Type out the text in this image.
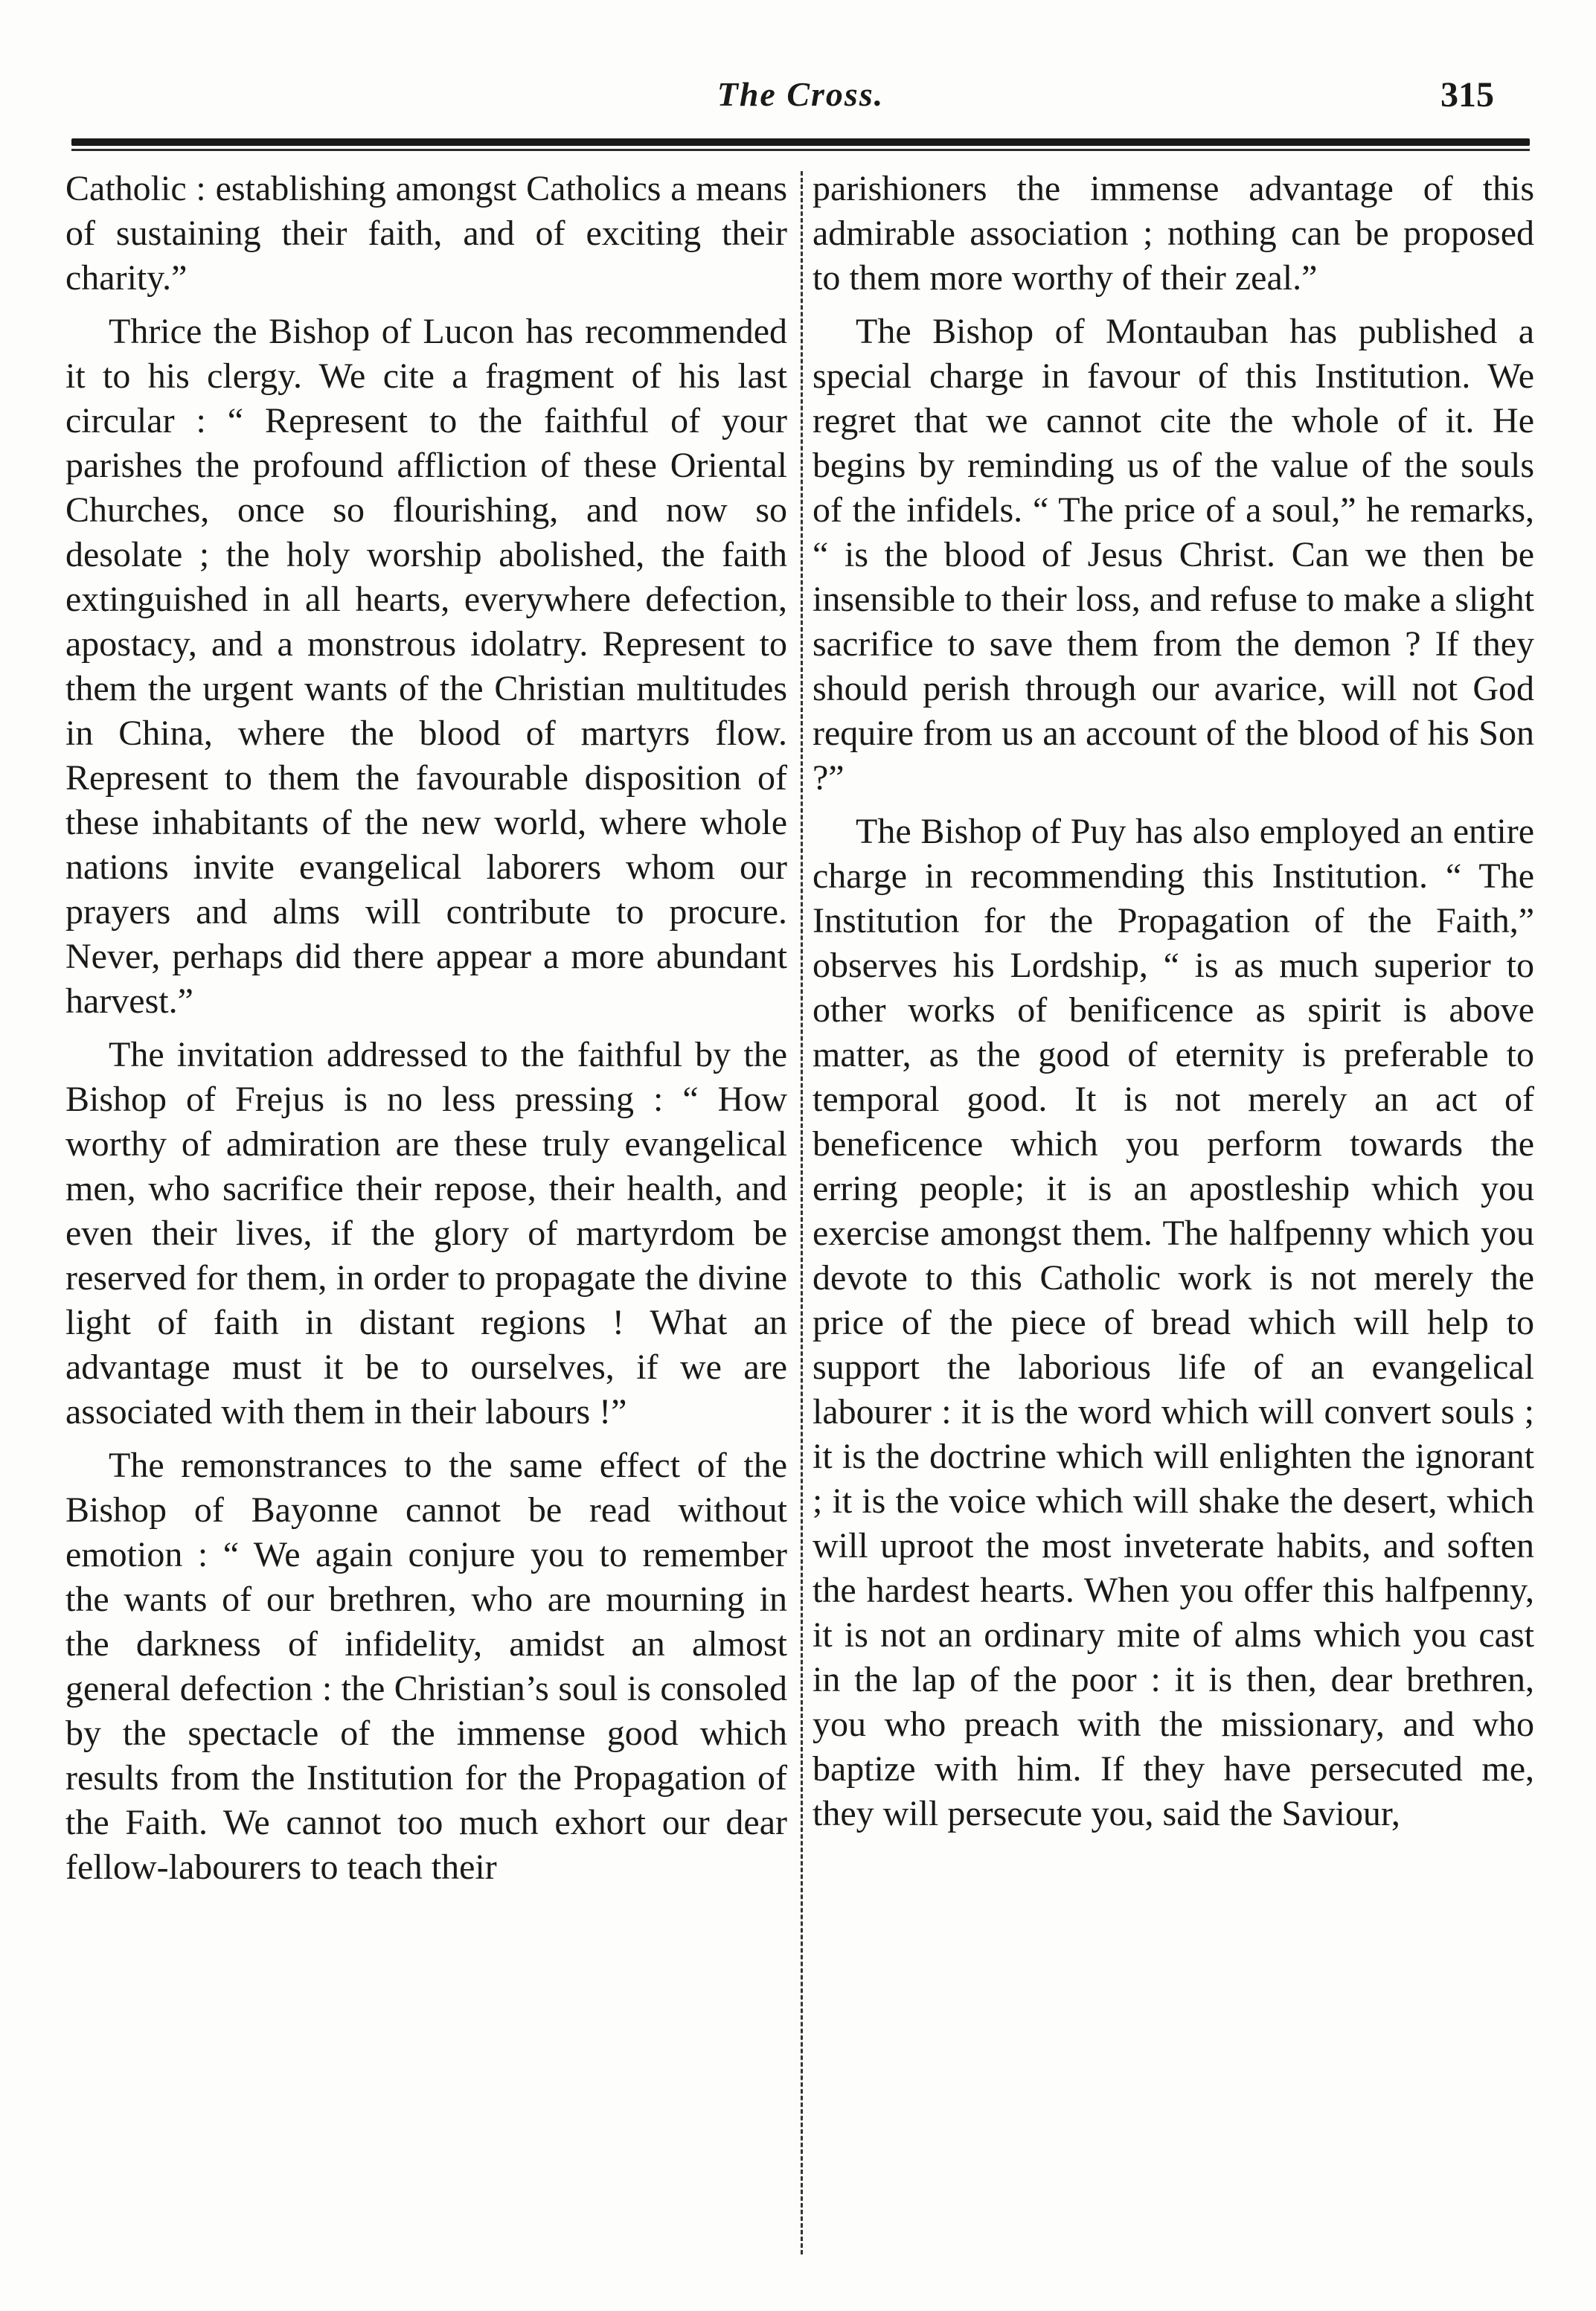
The Cross.	315

Catholic : establishing amongst Catholics a means of sustaining their faith, and of exciting their charity.”

Thrice the Bishop of Lucon has recommended it to his clergy. We cite a fragment of his last circular : “ Represent to the faithful of your parishes the profound affliction of these Oriental Churches, once so flourishing, and now so desolate ; the holy worship abolished, the faith extinguished in all hearts, everywhere defection, apostacy, and a monstrous idolatry. Represent to them the urgent wants of the Christian multitudes in China, where the blood of martyrs flow. Represent to them the favourable disposition of these inhabitants of the new world, where whole nations invite evangelical laborers whom our prayers and alms will contribute to procure. Never, perhaps did there appear a more abundant harvest.”

The invitation addressed to the faithful by the Bishop of Frejus is no less pressing : “ How worthy of admiration are these truly evangelical men, who sacrifice their repose, their health, and even their lives, if the glory of martyrdom be reserved for them, in order to propagate the divine light of faith in distant regions ! What an advantage must it be to ourselves, if we are associated with them in their labours !”

The remonstrances to the same effect of the Bishop of Bayonne cannot be read without emotion : “ We again conjure you to remember the wants of our brethren, who are mourning in the darkness of infidelity, amidst an almost general defection : the Christian’s soul is consoled by the spectacle of the immense good which results from the Institution for the Propagation of the Faith. We cannot too much exhort our dear fellow-labourers to teach their

parishioners the immense advantage of this admirable association ; nothing can be proposed to them more worthy of their zeal.”

The Bishop of Montauban has published a special charge in favour of this Institution. We regret that we cannot cite the whole of it. He begins by reminding us of the value of the souls of the infidels. “ The price of a soul,” he remarks, “ is the blood of Jesus Christ. Can we then be insensible to their loss, and refuse to make a slight sacrifice to save them from the demon ? If they should perish through our avarice, will not God require from us an account of the blood of his Son ?”

The Bishop of Puy has also employed an entire charge in recommending this Institution. “ The Institution for the Propagation of the Faith,” observes his Lordship, “ is as much superior to other works of benificence as spirit is above matter, as the good of eternity is preferable to temporal good. It is not merely an act of beneficence which you perform towards the erring people; it is an apostleship which you exercise amongst them. The halfpenny which you devote to this Catholic work is not merely the price of the piece of bread which will help to support the laborious life of an evangelical labourer : it is the word which will convert souls ; it is the doctrine which will enlighten the ignorant ; it is the voice which will shake the desert, which will uproot the most inveterate habits, and soften the hardest hearts. When you offer this halfpenny, it is not an ordinary mite of alms which you cast in the lap of the poor : it is then, dear brethren, you who preach with the missionary, and who baptize with him. If they have persecuted me, they will persecute you, said the Saviour,
